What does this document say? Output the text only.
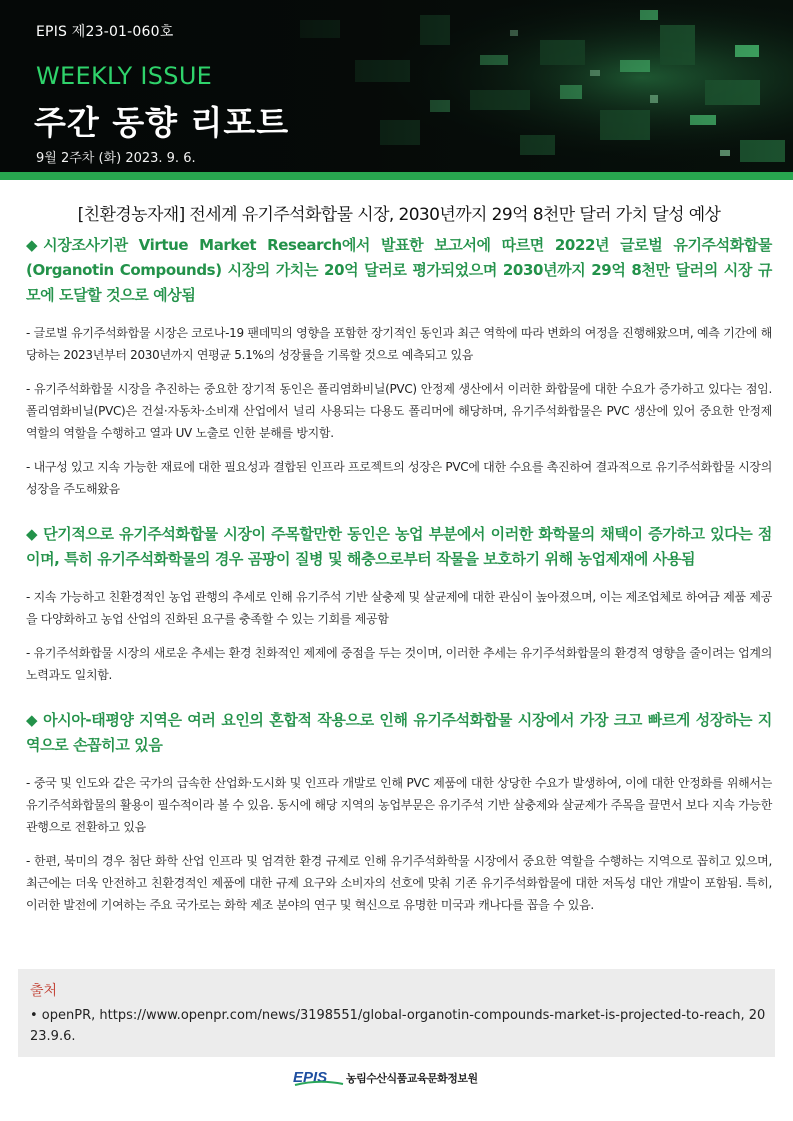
EPIS 제23-01-060호
WEEKLY ISSUE
주간 동향 리포트
9월 2주차 (화) 2023. 9. 6.
[친환경농자재] 전세계 유기주석화합물 시장, 2030년까지 29억 8천만 달러 가치 달성 예상
◆ 시장조사기관 Virtue Market Research에서 발표한 보고서에 따르면 2022년 글로벌 유기주석화합물(Organotin Compounds) 시장의 가치는 20억 달러로 평가되었으며 2030년까지 29억 8천만 달러의 시장 규모에 도달할 것으로 예상됨

- 글로벌 유기주석화합물 시장은 코로나-19 팬데믹의 영향을 포함한 장기적인 동인과 최근 역학에 따라 변화의 여정을 진행해왔으며, 예측 기간에 해당하는 2023년부터 2030년까지 연평균 5.1%의 성장률을 기록할 것으로 예측되고 있음

- 유기주석화합물 시장을 추진하는 중요한 장기적 동인은 폴리염화비닐(PVC) 안정제 생산에서 이러한 화합물에 대한 수요가 증가하고 있다는 점임. 폴리염화비닐(PVC)은 건설·자동차·소비재 산업에서 널리 사용되는 다용도 폴리머에 해당하며, 유기주석화합물은 PVC 생산에 있어 중요한 안정제 역할의 역할을 수행하고 열과 UV 노출로 인한 분해를 방지함.

- 내구성 있고 지속 가능한 재료에 대한 필요성과 결합된 인프라 프로젝트의 성장은 PVC에 대한 수요를 촉진하여 결과적으로 유기주석화합물 시장의 성장을 주도해왔음

◆ 단기적으로 유기주석화합물 시장이 주목할만한 동인은 농업 부분에서 이러한 화학물의 채택이 증가하고 있다는 점이며, 특히 유기주석화학물의 경우 곰팡이 질병 및 해충으로부터 작물을 보호하기 위해 농업제재에 사용됨

- 지속 가능하고 친환경적인 농업 관행의 추세로 인해 유기주석 기반 살충제 및 살균제에 대한 관심이 높아졌으며, 이는 제조업체로 하여금 제품 제공을 다양화하고 농업 산업의 진화된 요구를 충족할 수 있는 기회를 제공함

- 유기주석화합물 시장의 새로운 추세는 환경 친화적인 제제에 중점을 두는 것이며, 이러한 추세는 유기주석화합물의 환경적 영향을 줄이려는 업계의 노력과도 일치함.

◆ 아시아-태평양 지역은 여러 요인의 혼합적 작용으로 인해 유기주석화합물 시장에서 가장 크고 빠르게 성장하는 지역으로 손꼽히고 있음

- 중국 및 인도와 같은 국가의 급속한 산업화·도시화 및 인프라 개발로 인해 PVC 제품에 대한 상당한 수요가 발생하여, 이에 대한 안정화를 위해서는 유기주석화합물의 활용이 필수적이라 볼 수 있음. 동시에 해당 지역의 농업부문은 유기주석 기반 살충제와 살균제가 주목을 끌면서 보다 지속 가능한 관행으로 전환하고 있음

- 한편, 북미의 경우 첨단 화학 산업 인프라 및 엄격한 환경 규제로 인해 유기주석화학물 시장에서 중요한 역할을 수행하는 지역으로 꼽히고 있으며, 최근에는 더욱 안전하고 친환경적인 제품에 대한 규제 요구와 소비자의 선호에 맞춰 기존 유기주석화합물에 대한 저독성 대안 개발이 포함됨. 특히, 이러한 발전에 기여하는 주요 국가로는 화학 제조 분야의 연구 및 혁신으로 유명한 미국과 캐나다를 꼽을 수 있음.

출처
• openPR, https://www.openpr.com/news/3198551/global-organotin-compounds-market-is-projected-to-reach, 2023.9.6.
EPIS 농림수산식품교육문화정보원
